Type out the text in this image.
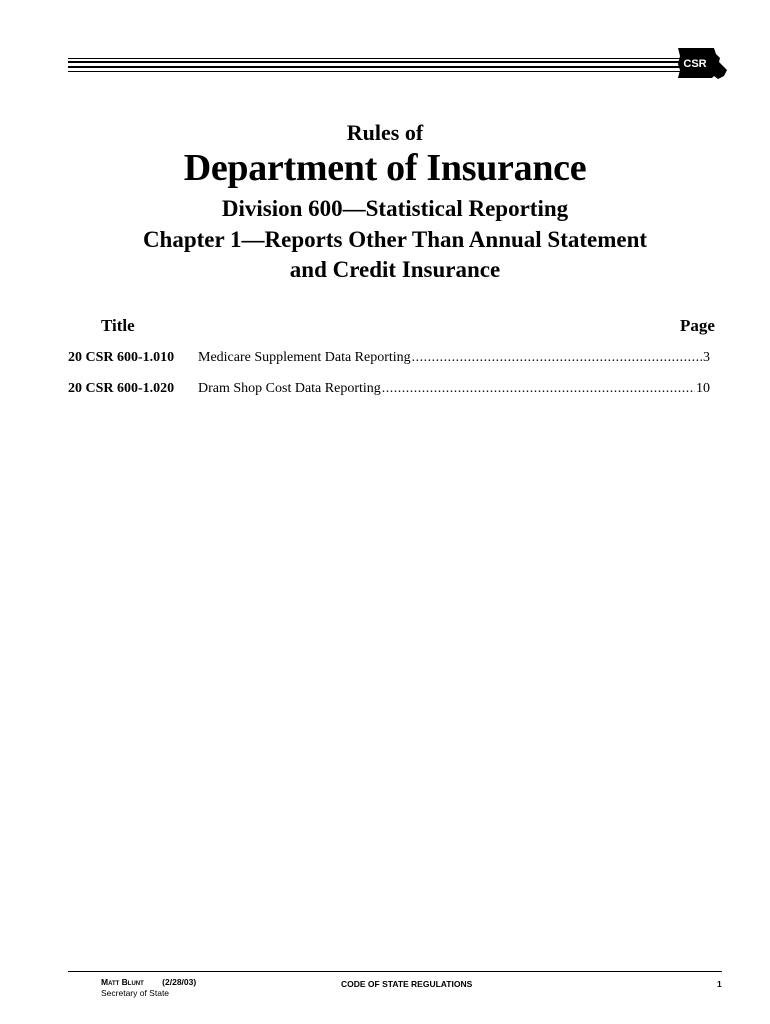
CSR
Rules of
Department of Insurance
Division 600—Statistical Reporting
Chapter 1—Reports Other Than Annual Statement
and Credit Insurance
Title	Page
20 CSR 600-1.010	Medicare Supplement Data Reporting .....	3
20 CSR 600-1.020	Dram Shop Cost Data Reporting .....	10
Matt Blunt (2/28/03)
Secretary of State
CODE OF STATE REGULATIONS	1
